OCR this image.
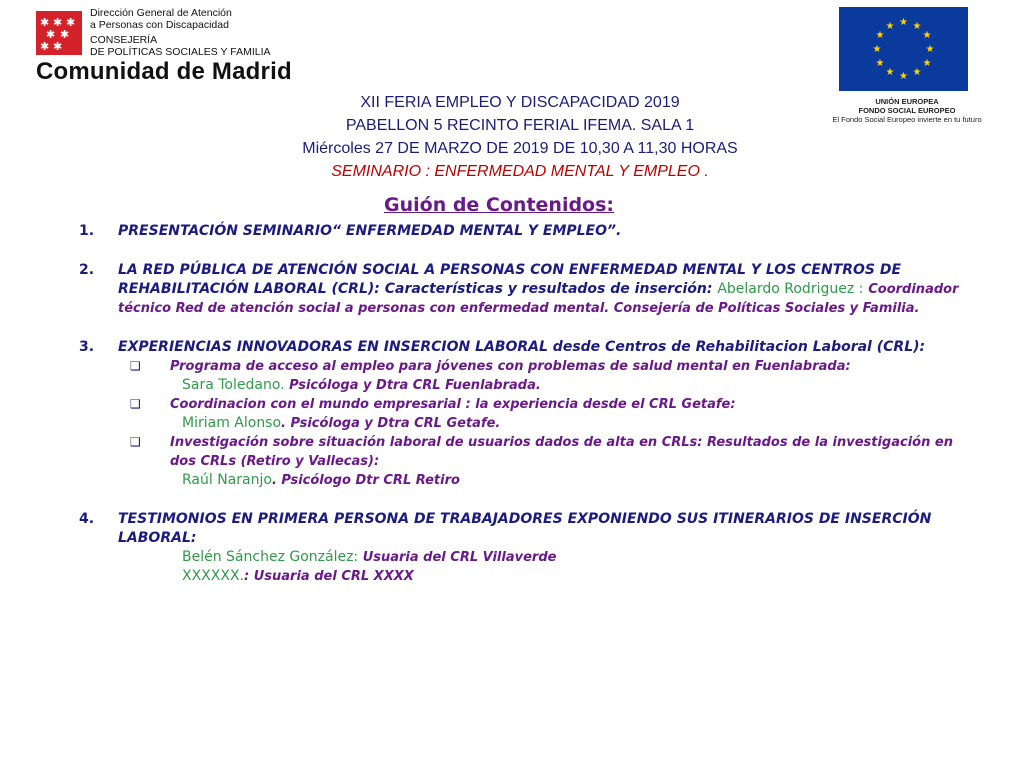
✱ ✱ ✱
✱ ✱
✱ ✱
Dirección General de Atención
a Personas con Discapacidad
CONSEJERÍA
DE POLÍTICAS SOCIALES Y FAMILIA
Comunidad de Madrid
★ ★
★
★
★
★
★
★
★
★
★
★
UNIÓN EUROPEA
FONDO SOCIAL EUROPEO
El Fondo Social Europeo invierte en tu futuro
XII FERIA EMPLEO Y DISCAPACIDAD 2019
PABELLON 5 RECINTO FERIAL IFEMA. SALA 1
Miércoles 27 DE MARZO DE 2019 DE 10,30 A 11,30 HORAS
SEMINARIO : ENFERMEDAD MENTAL Y EMPLEO .
Guión de Contenidos:
1. PRESENTACIÓN SEMINARIO“ ENFERMEDAD MENTAL Y EMPLEO”.
2. LA RED PÚBLICA DE ATENCIÓN SOCIAL A PERSONAS CON ENFERMEDAD MENTAL Y LOS CENTROS DE REHABILITACIÓN LABORAL (CRL): Características y resultados de inserción: Abelardo Rodriguez : Coordinador técnico Red de atención social a personas con enfermedad mental. Consejería de Políticas Sociales y Familia.
3. EXPERIENCIAS INNOVADORAS EN INSERCION LABORAL desde Centros de Rehabilitacion Laboral (CRL):
❑ Programa de acceso al empleo para jóvenes con problemas de salud mental en Fuenlabrada:
Sara Toledano. Psicóloga y Dtra CRL Fuenlabrada.
❑ Coordinacion con el mundo empresarial : la experiencia desde el CRL Getafe:
Miriam Alonso. Psicóloga y Dtra CRL Getafe.
❑ Investigación sobre situación laboral de usuarios dados de alta en CRLs: Resultados de la investigación en dos CRLs (Retiro y Vallecas):
Raúl Naranjo. Psicólogo Dtr CRL Retiro
4. TESTIMONIOS EN PRIMERA PERSONA DE TRABAJADORES EXPONIENDO SUS ITINERARIOS DE INSERCIÓN LABORAL:
Belén Sánchez González: Usuaria del CRL Villaverde
XXXXXX.: Usuaria del CRL XXXX
